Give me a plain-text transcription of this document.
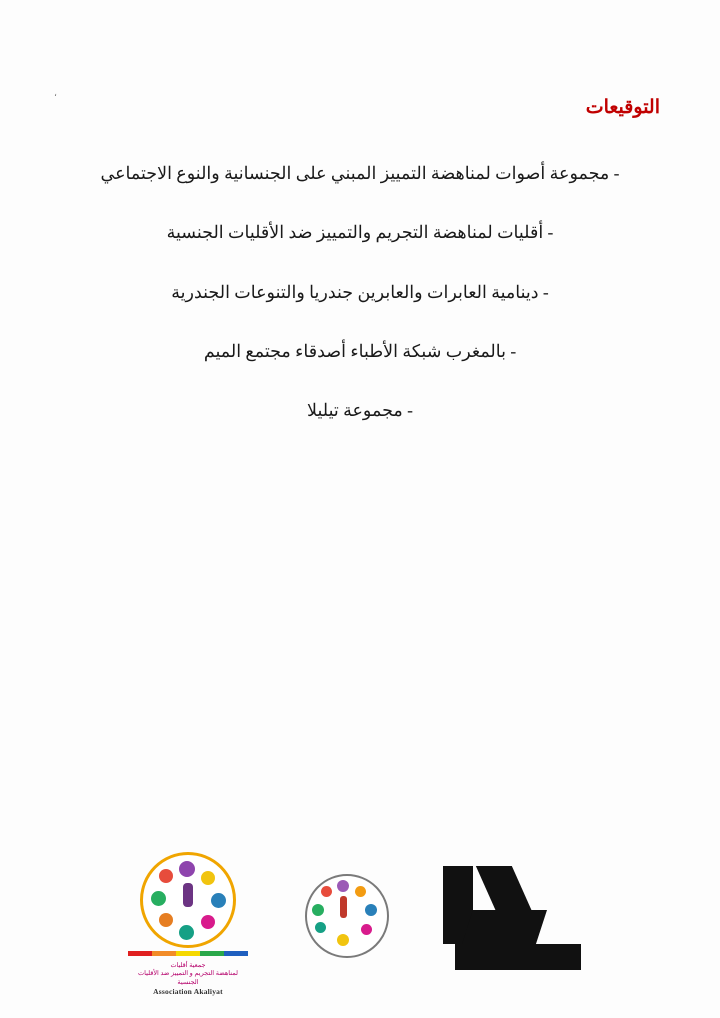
،
التوقيعات
- مجموعة أصوات لمناهضة التمييز المبني على الجنسانية والنوع الاجتماعي
- أقليات لمناهضة التجريم والتمييز ضد الأقليات الجنسية
- دينامية العابرات والعابرين جندريا والتنوعات الجندرية
- بالمغرب شبكة الأطباء أصدقاء مجتمع الميم
- مجموعة تيليلا
جمعية أقليات
لمناهضة التجريم و التمييز ضد الأقليات الجنسية
Association Akaliyat
